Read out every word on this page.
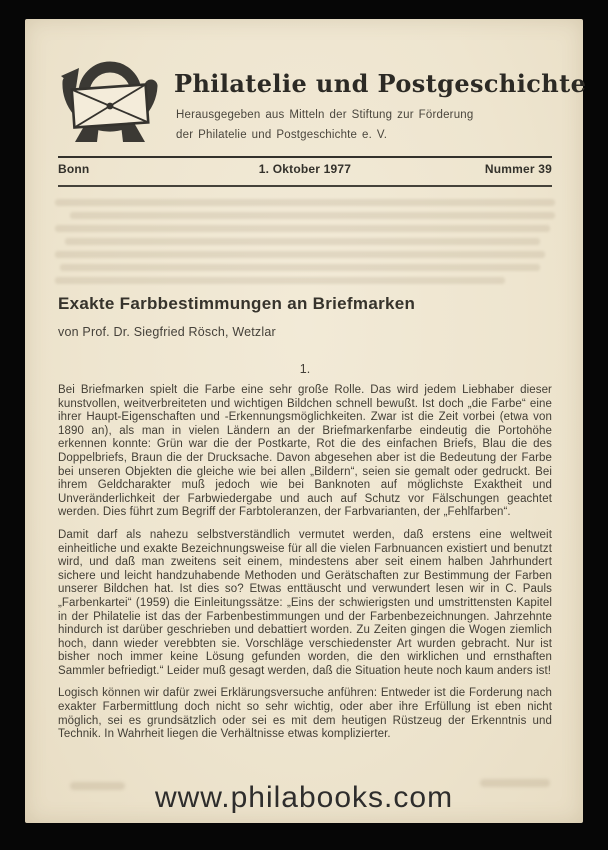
Philatelie und Postgeschichte
Herausgegeben aus Mitteln der Stiftung zur Förderung
der Philatelie und Postgeschichte e. V.
Bonn	1. Oktober 1977	Nummer 39
Exakte Farbbestimmungen an Briefmarken
von Prof. Dr. Siegfried Rösch, Wetzlar
1.

Bei Briefmarken spielt die Farbe eine sehr große Rolle. Das wird jedem Liebhaber dieser kunstvollen, weitverbreiteten und wichtigen Bildchen schnell bewußt. Ist doch „die Farbe“ eine ihrer Haupt-Eigenschaften und -Erkennungsmöglichkeiten. Zwar ist die Zeit vorbei (etwa von 1890 an), als man in vielen Ländern an der Briefmarkenfarbe eindeutig die Portohöhe erkennen konnte: Grün war die der Postkarte, Rot die des einfachen Briefs, Blau die des Doppelbriefs, Braun die der Drucksache. Davon abgesehen aber ist die Bedeutung der Farbe bei unseren Objekten die gleiche wie bei allen „Bildern“, seien sie gemalt oder gedruckt. Bei ihrem Geldcharakter muß jedoch wie bei Banknoten auf möglichste Exaktheit und Unveränderlichkeit der Farbwiedergabe und auch auf Schutz vor Fälschungen geachtet werden. Dies führt zum Begriff der Farbtoleranzen, der Farbvarianten, der „Fehlfarben“.

Damit darf als nahezu selbstverständlich vermutet werden, daß erstens eine weltweit einheitliche und exakte Bezeichnungsweise für all die vielen Farbnuancen existiert und benutzt wird, und daß man zweitens seit einem, mindestens aber seit einem halben Jahrhundert sichere und leicht handzuhabende Methoden und Gerätschaften zur Bestimmung der Farben unserer Bildchen hat. Ist dies so? Etwas enttäuscht und verwundert lesen wir in C. Pauls „Farbenkartei“ (1959) die Einleitungssätze: „Eins der schwierigsten und umstrittensten Kapitel in der Philatelie ist das der Farbenbestimmungen und der Farbenbezeichnungen. Jahrzehnte hindurch ist darüber geschrieben und debattiert worden. Zu Zeiten gingen die Wogen ziemlich hoch, dann wieder verebbten sie. Vorschläge verschiedenster Art wurden gebracht. Nur ist bisher noch immer keine Lösung gefunden worden, die den wirklichen und ernsthaften Sammler befriedigt.“ Leider muß gesagt werden, daß die Situation heute noch kaum anders ist!

Logisch können wir dafür zwei Erklärungsversuche anführen: Entweder ist die Forderung nach exakter Farbermittlung doch nicht so sehr wichtig, oder aber ihre Erfüllung ist eben nicht möglich, sei es grundsätzlich oder sei es mit dem heutigen Rüstzeug der Erkenntnis und Technik. In Wahrheit liegen die Verhältnisse etwas komplizierter.

www.philabooks.com
